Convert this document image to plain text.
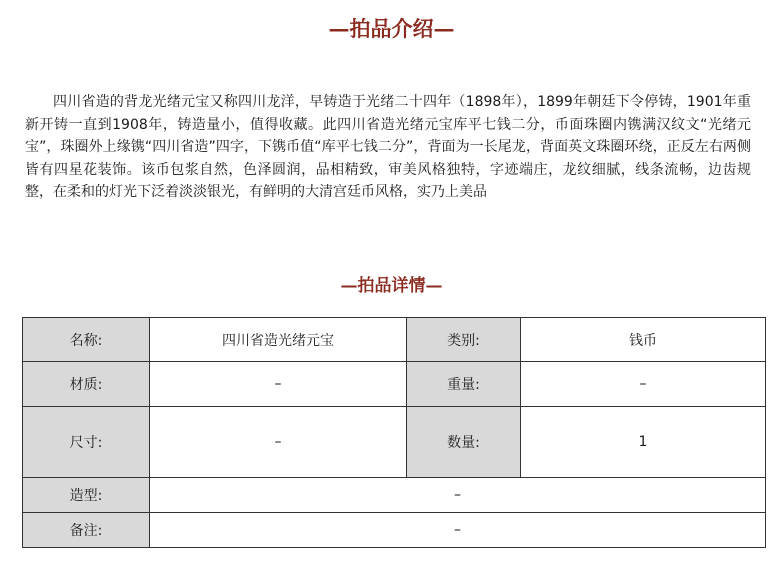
—拍品介绍—

四川省造的背龙光绪元宝又称四川龙洋，早铸造于光绪二十四年（1898年），1899年朝廷下令停铸，1901年重新开铸一直到1908年，铸造量小，值得收藏。此四川省造光绪元宝库平七钱二分，币面珠圈内镌满汉纹文“光绪元宝”，珠圈外上缘镌“四川省造”四字，下镌币值“库平七钱二分”，背面为一长尾龙，背面英文珠圈环绕，正反左右两侧皆有四星花装饰。该币包浆自然，色泽圆润，品相精致，审美风格独特，字迹端庄，龙纹细腻，线条流畅，边齿规整，在柔和的灯光下泛着淡淡银光，有鲜明的大清宫廷币风格，实乃上美品

—拍品详情—
名称:	四川省造光绪元宝	类别:	钱币
材质:	–	重量:	–
尺寸:	–	数量:	1
造型:	–		
备注:	–		
